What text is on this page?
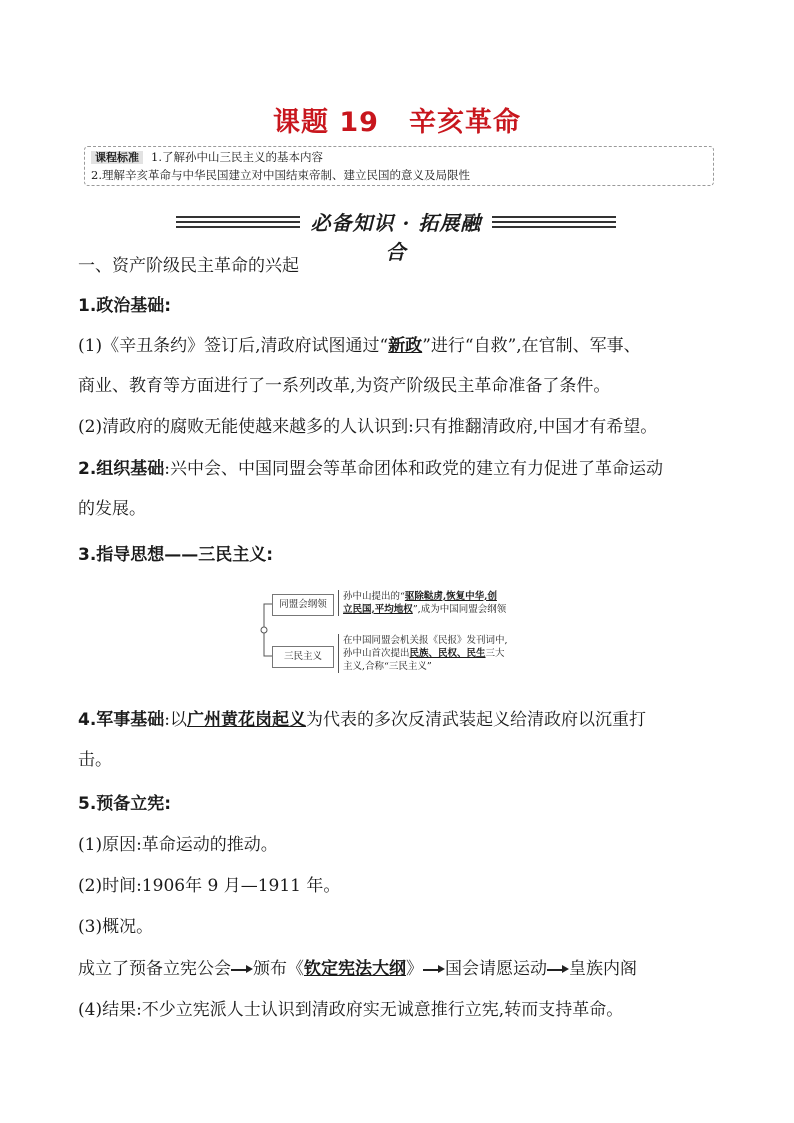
课题 19 辛亥革命
课程标准 1.了解孙中山三民主义的基本内容
2.理解辛亥革命与中华民国建立对中国结束帝制、建立民国的意义及局限性
必备知识 · 拓展融合
一、资产阶级民主革命的兴起
1.政治基础:
(1)《辛丑条约》签订后,清政府试图通过“新政”进行“自救”,在官制、军事、
商业、教育等方面进行了一系列改革,为资产阶级民主革命准备了条件。
(2)清政府的腐败无能使越来越多的人认识到:只有推翻清政府,中国才有希望。
2.组织基础:兴中会、中国同盟会等革命团体和政党的建立有力促进了革命运动
的发展。
3.指导思想——三民主义:
同盟会纲领
孙中山提出的“驱除鞑虏,恢复中华,创
立民国,平均地权”,成为中国同盟会纲领
三民主义
在中国同盟会机关报《民报》发刊词中,
孙中山首次提出民族、民权、民生三大
主义,合称“三民主义”
4.军事基础:以广州黄花岗起义为代表的多次反清武装起义给清政府以沉重打
击。
5.预备立宪:
(1)原因:革命运动的推动。
(2)时间:1906年 9 月—1911 年。
(3)概况。
成立了预备立宪公会 颁布《钦定宪法大纲》 国会请愿运动 皇族内阁
(4)结果:不少立宪派人士认识到清政府实无诚意推行立宪,转而支持革命。
